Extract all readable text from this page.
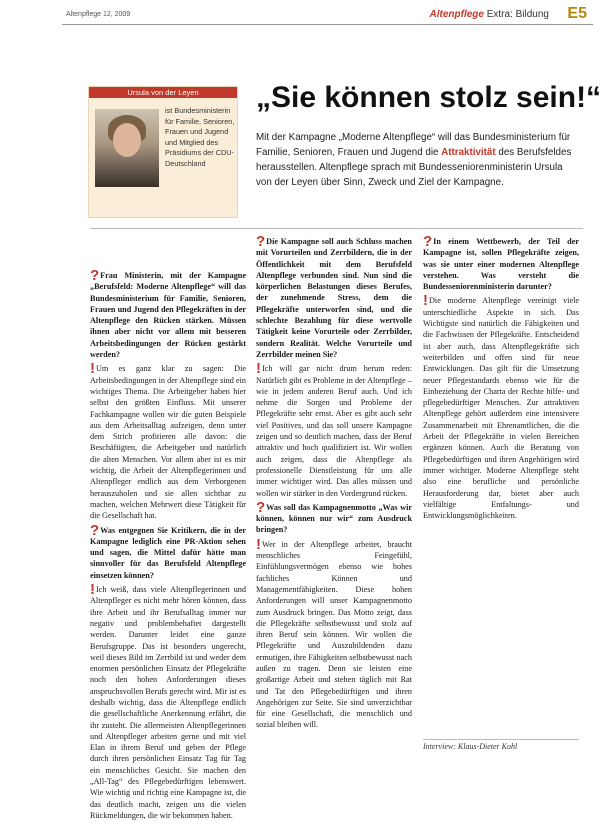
Altenpflege 12, 2009	Altenpflege Extra: Bildung E5
Ursula von der Leyen
ist Bundesministerin für Familie, Senioren, Frauen und Jugend und Mitglied des Präsidiums der CDU-Deutschland
„Sie können stolz sein!“
Mit der Kampagne „Moderne Altenpflege“ will das Bundesministerium für Familie, Senioren, Frauen und Jugend die Attraktivität des Berufsfeldes herausstellen. Altenpflege sprach mit Bundesseniorenministerin Ursula von der Leyen über Sinn, Zweck und Ziel der Kampagne.

?Frau Ministerin, mit der Kampagne „Berufsfeld: Moderne Altenpflege“ will das Bundesministerium für Familie, Senioren, Frauen und Jugend den Pflegekräften in der Altenpflege den Rücken stärken. Müssen ihnen aber nicht vor allem mit besseren Arbeitsbedingungen der Rücken gestärkt werden?

!Um es ganz klar zu sagen: Die Arbeitsbedingungen in der Altenpflege sind ein wichtiges Thema. Die Arbeitgeber haben hier selbst den größten Einfluss. Mit unserer Fachkampagne wollen wir die guten Beispiele aus dem Arbeitsalltag aufzeigen, denn unter dem Strich profitieren alle davon: die Beschäftigten, die Arbeitgeber und natürlich die alten Menschen. Vor allem aber ist es mir wichtig, die Arbeit der Altenpflegerinnen und Altenpfleger endlich aus dem Verborgenen herauszuholen und sie allen sichtbar zu machen, welchen Mehrwert diese Tätigkeit für die Gesellschaft hat.

?Was entgegnen Sie Kritikern, die in der Kampagne lediglich eine PR-Aktion sehen und sagen, die Mittel dafür hätte man sinnvoller für das Berufsfeld Altenpflege einsetzen können?

!Ich weiß, dass viele Altenpflegerinnen und Altenpfleger es nicht mehr hören können, dass ihre Arbeit und ihr Berufsalltag immer nur negativ und problembehaftet dargestellt werden. Darunter leidet eine ganze Berufsgruppe. Das ist besonders ungerecht, weil dieses Bild im Zerrbild ist und weder dem enormen persönlichen Einsatz der Pflegekräfte noch den hohen Anforderungen dieses anspruchsvollen Berufs gerecht wird. Mir ist es deshalb wichtig, dass die Altenpflege endlich die gesellschaftliche Anerkennung erfährt, die ihr zusteht. Die allermeisten Altenpflegerinnen und Altenpfleger arbeiten gerne und mit viel Elan in ihrem Beruf und geben der Pflege durch ihren persönlichen Einsatz Tag für Tag ein menschliches Gesicht. Sie machen den „All-Tag“ des Pflegebedürftigen lebenswert. Wie wichtig und richtig eine Kampagne ist, die das deutlich macht, zeigen uns die vielen Rückmeldungen, die wir bekommen haben.

?Die Kampagne soll auch Schluss machen mit Vorurteilen und Zerrbildern, die in der Öffentlichkeit mit dem Berufsfeld Altenpflege verbunden sind. Nun sind die körperlichen Belastungen dieses Berufes, der zunehmende Stress, dem die Pflegekräfte unterworfen sind, und die schlechte Bezahlung für diese wertvolle Tätigkeit keine Vorurteile oder Zerrbilder, sondern Realität. Welche Vorurteile und Zerrbilder meinen Sie?

!Ich will gar nicht drum herum reden: Natürlich gibt es Probleme in der Altenpflege – wie in jedem anderen Beruf auch. Und ich nehme die Sorgen und Probleme der Pflegekräfte sehr ernst. Aber es gibt auch sehr viel Positives, und das soll unsere Kampagne zeigen und so deutlich machen, dass der Beruf attraktiv und hoch qualifiziert ist. Wir wollen auch zeigen, dass die Altenpflege als professionelle Dienstleistung für uns alle immer wichtiger wird. Das alles müssen und wollen wir stärker in den Vordergrund rücken.

?Was soll das Kampagnenmotto „Was wir können, können nur wir“ zum Ausdruck bringen?

!Wer in der Altenpflege arbeitet, braucht menschliches Feingefühl, Einfühlungsvermögen ebenso wie hohes fachliches Können und Managementfähigkeiten. Diese hohen Anforderungen will unser Kampagnenmotto zum Ausdruck bringen. Das Motto zeigt, dass die Pflegekräfte selbstbewusst und stolz auf ihren Beruf sein können. Wir wollen die Pflegekräfte und Auszubildenden dazu ermutigen, ihre Fähigkeiten selbstbewusst nach außen zu tragen. Denn sie leisten eine großartige Arbeit und stehen täglich mit Rat und Tat den Pflegebedürftigen und ihren Angehörigen zur Seite. Sie sind unverzichtbar für eine Gesellschaft, die menschlich und sozial bleiben will.

?In einem Wettbewerb, der Teil der Kampagne ist, sollen Pflegekräfte zeigen, was sie unter einer modernen Altenpflege verstehen. Was versteht die Bundesseniorenministerin darunter?

!Die moderne Altenpflege vereinigt viele unterschiedliche Aspekte in sich. Das Wichtigste sind natürlich die Fähigkeiten und die Fachwissen der Pflegekräfte. Entscheidend ist aber auch, dass Altenpflegekräfte sich weiterbilden und offen sind für neue Entwicklungen. Das gilt für die Umsetzung neuer Pflegestandards ebenso wie für die Einbeziehung der Charta der Rechte hilfe- und pflegebedürftiger Menschen. Zur attraktiven Altenpflege gehört außerdem eine intensivere Zusammenarbeit mit Ehrenamtlichen, die die Arbeit der Pflegekräfte in vielen Bereichen ergänzen können. Auch die Beratung von Pflegebedürftigen und ihren Angehörigen wird immer wichtiger. Moderne Altenpflege steht also eine berufliche und persönliche Herausforderung dar, bietet aber auch vielfältige Entfaltungs- und Entwicklungsmöglichkeiten.

Interview: Klaus-Dieter Kohl
